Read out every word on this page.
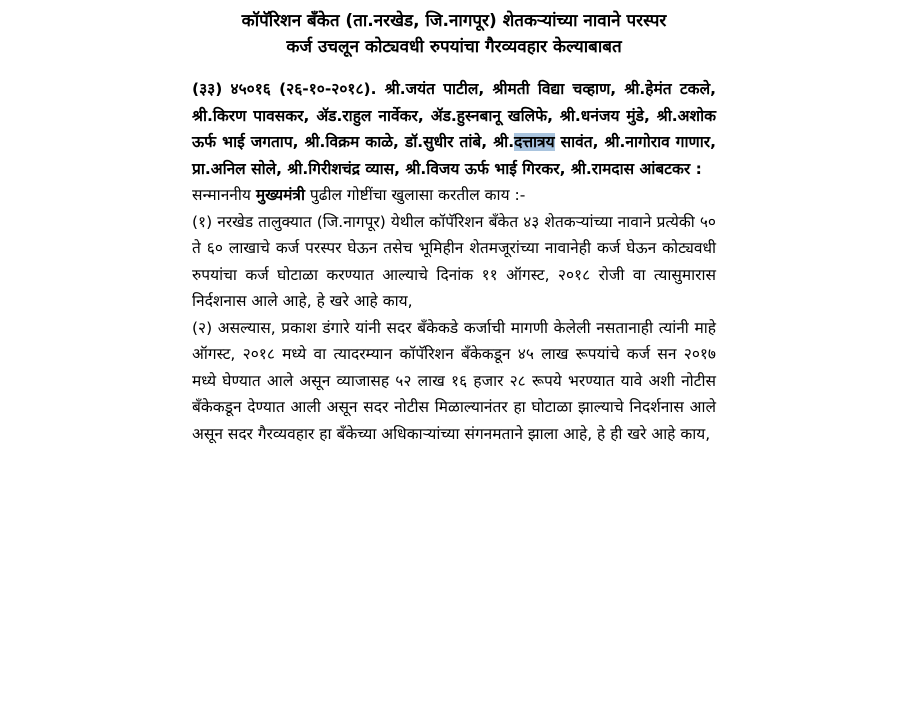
कॉपॅरिशन बँकेत (ता.नरखेड, जि.नागपूर) शेतकऱ्यांच्या नावाने परस्पर
कर्ज उचलून कोट्यवधी रुपयांचा गैरव्यवहार केल्याबाबत

(३३) ४५०१६ (२६-१०-२०१८). श्री.जयंत पाटील, श्रीमती विद्या चव्हाण, श्री.हेमंत टकले, श्री.किरण पावसकर, ॲड.राहुल नार्वेकर, ॲड.हुस्नबानू खलिफे, श्री.धनंजय मुंडे, श्री.अशोक ऊर्फ भाई जगताप, श्री.विक्रम काळे, डॉ.सुधीर तांबे, श्री.दत्तात्रय सावंत, श्री.नागोराव गाणार, प्रा.अनिल सोले, श्री.गिरीशचंद्र व्यास, श्री.विजय ऊर्फ भाई गिरकर, श्री.रामदास आंबटकर :

सन्माननीय मुख्यमंत्री पुढील गोष्टींचा खुलासा करतील काय :-

(१) नरखेड तालुक्यात (जि.नागपूर) येथील कॉपॅरिशन बँकेत ४३ शेतकऱ्यांच्या नावाने प्रत्येकी ५० ते ६० लाखाचे कर्ज परस्पर घेऊन तसेच भूमिहीन शेतमजूरांच्या नावानेही कर्ज घेऊन कोट्यवधी रुपयांचा कर्ज घोटाळा करण्यात आल्याचे दिनांक ११ ऑगस्ट, २०१८ रोजी वा त्यासुमारास निर्दशनास आले आहे, हे खरे आहे काय,

(२) असल्यास, प्रकाश डंगारे यांनी सदर बँकेकडे कर्जाची मागणी केलेली नसतानाही त्यांनी माहे ऑगस्ट, २०१८ मध्ये वा त्यादरम्यान कॉपॅरिशन बँकेकडून ४५ लाख रूपयांचे कर्ज सन २०१७ मध्ये घेण्यात आले असून व्याजासह ५२ लाख १६ हजार २८ रूपये भरण्यात यावे अशी नोटीस बँकेकडून देण्यात आली असून सदर नोटीस मिळाल्यानंतर हा घोटाळा झाल्याचे निदर्शनास आले असून सदर गैरव्यवहार हा बँकेच्या अधिकाऱ्यांच्या संगनमताने झाला आहे, हे ही खरे आहे काय,
